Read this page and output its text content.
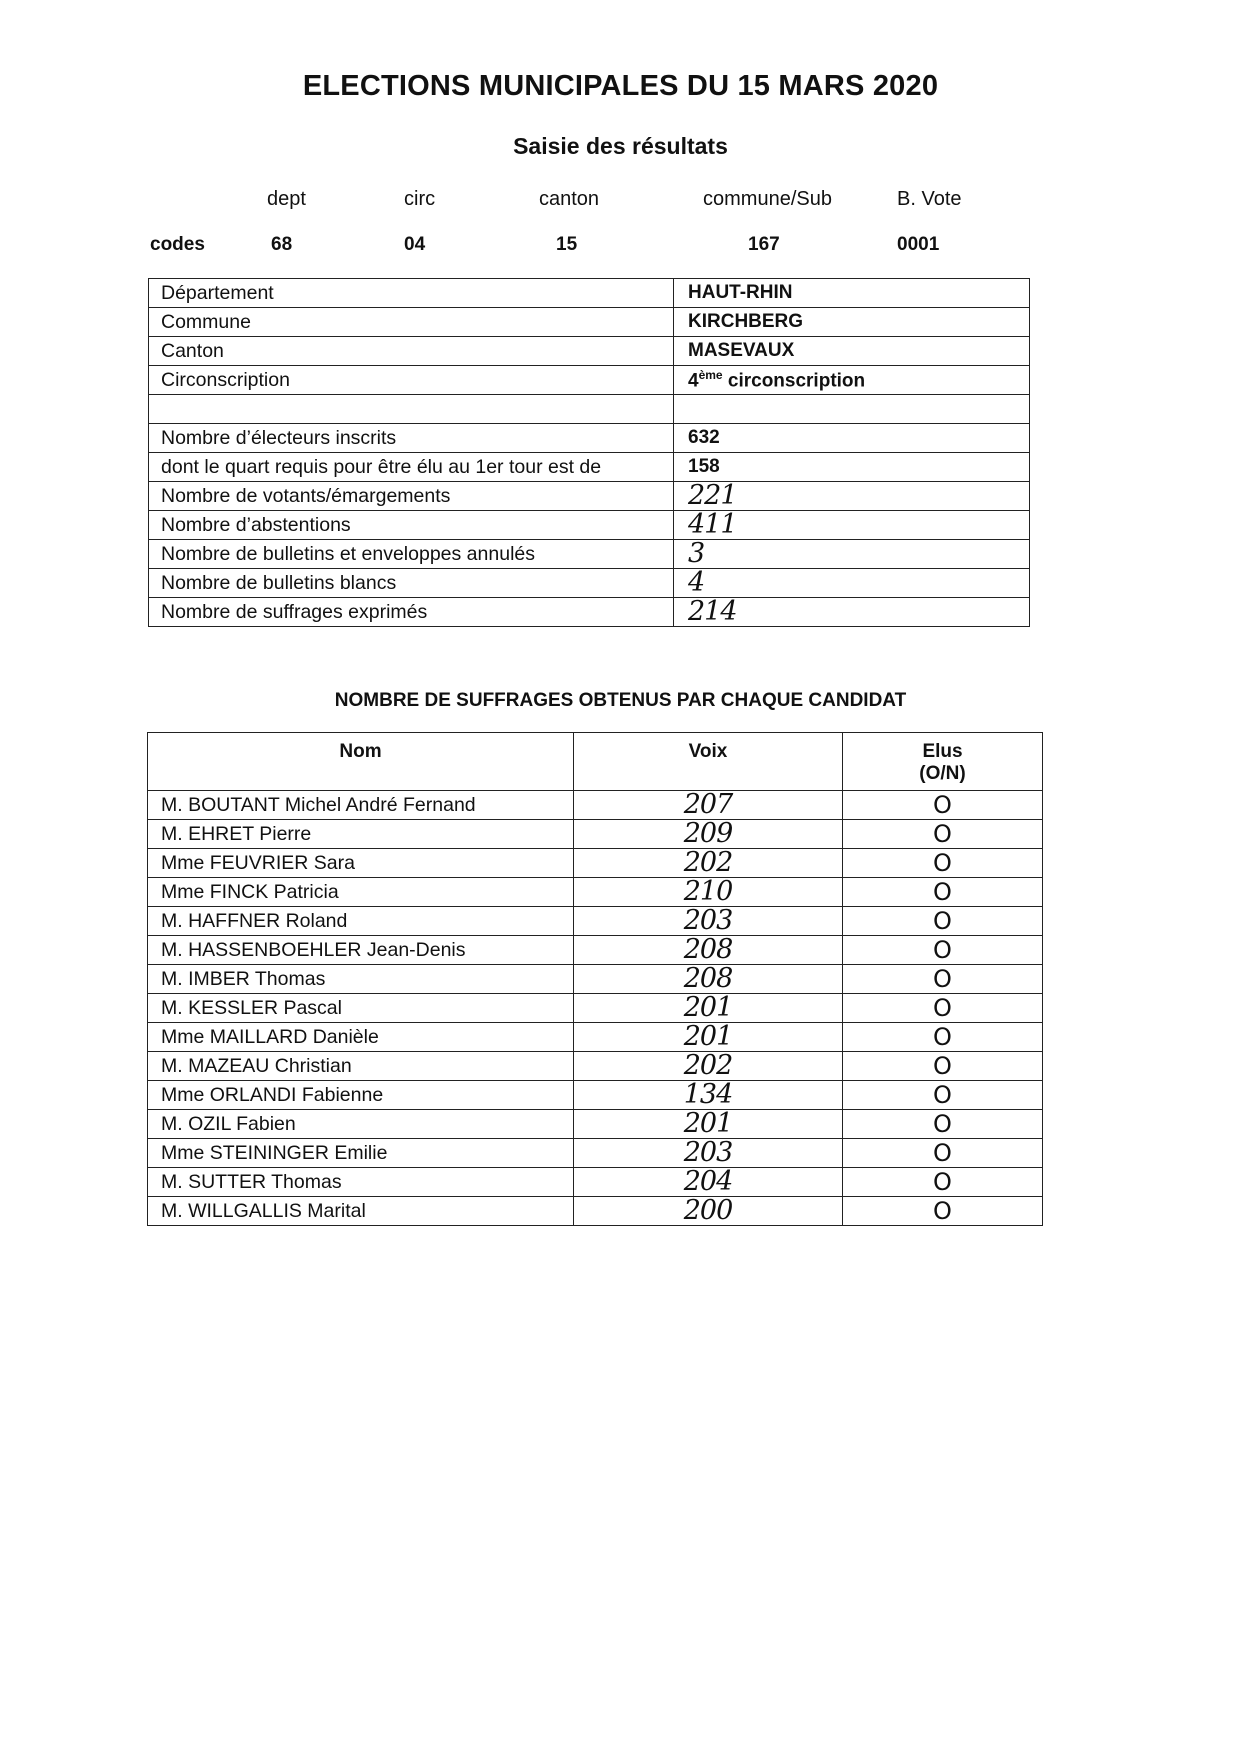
ELECTIONS MUNICIPALES DU 15 MARS 2020
Saisie des résultats
dept	circ	canton	commune/Sub	B. Vote
codes	68	04	15	167	0001
Département	HAUT-RHIN
Commune	KIRCHBERG
Canton	MASEVAUX
Circonscription	4ème circonscription

Nombre d’électeurs inscrits	632
dont le quart requis pour être élu au 1er tour est de	158
Nombre de votants/émargements	221
Nombre d’abstentions	411
Nombre de bulletins et enveloppes annulés	3
Nombre de bulletins blancs	4
Nombre de suffrages exprimés	214
NOMBRE DE SUFFRAGES OBTENUS PAR CHAQUE CANDIDAT
Nom	Voix	Elus
(O/N)
M. BOUTANT Michel André Fernand	207	O
M. EHRET Pierre	209	O
Mme FEUVRIER Sara	202	O
Mme FINCK Patricia	210	O
M. HAFFNER Roland	203	O
M. HASSENBOEHLER Jean-Denis	208	O
M. IMBER Thomas	208	O
M. KESSLER Pascal	201	O
Mme MAILLARD Danièle	201	O
M. MAZEAU Christian	202	O
Mme ORLANDI Fabienne	134	O
M. OZIL Fabien	201	O
Mme STEININGER Emilie	203	O
M. SUTTER Thomas	204	O
M. WILLGALLIS Marital	200	O
